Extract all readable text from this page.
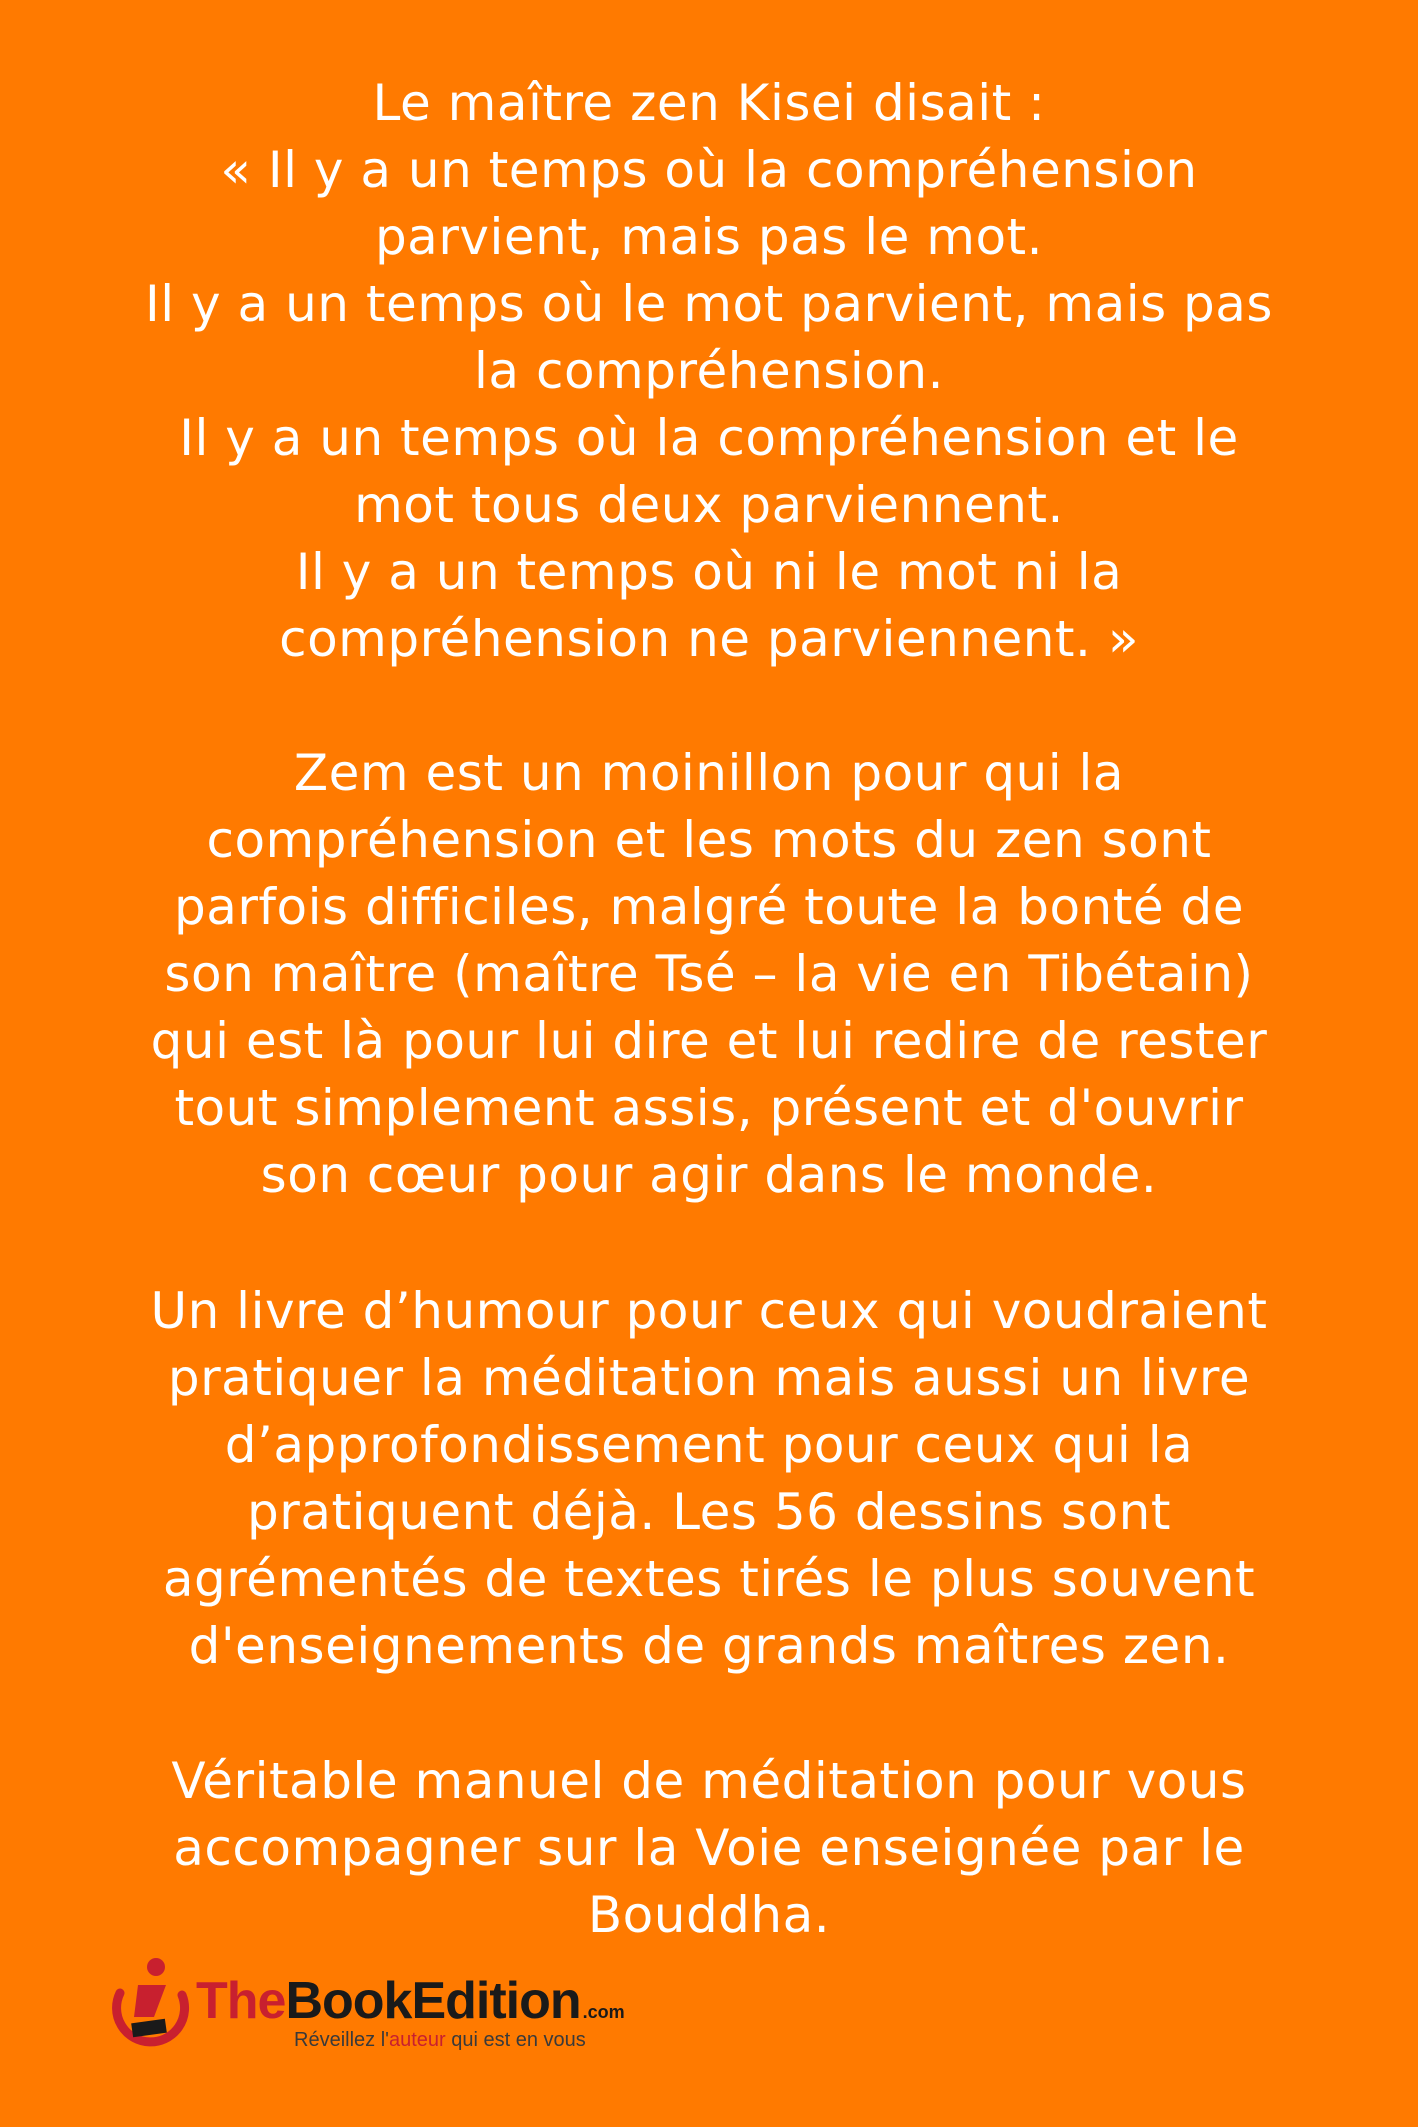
Le maître zen Kisei disait :
« Il y a un temps où la compréhension
parvient, mais pas le mot.
Il y a un temps où le mot parvient, mais pas
la compréhension.
Il y a un temps où la compréhension et le
mot tous deux parviennent.
Il y a un temps où ni le mot ni la
compréhension ne parviennent. »
Zem est un moinillon pour qui la
compréhension et les mots du zen sont
parfois difficiles, malgré toute la bonté de
son maître (maître Tsé – la vie en Tibétain)
qui est là pour lui dire et lui redire de rester
tout simplement assis, présent et d'ouvrir
son cœur pour agir dans le monde.
Un livre d’humour pour ceux qui voudraient
pratiquer la méditation mais aussi un livre
d’approfondissement pour ceux qui la
pratiquent déjà. Les 56 dessins sont
agrémentés de textes tirés le plus souvent
d'enseignements de grands maîtres zen.
Véritable manuel de méditation pour vous
accompagner sur la Voie enseignée par le
Bouddha.
TheBookEdition .com
Réveillez l'auteur qui est en vous
